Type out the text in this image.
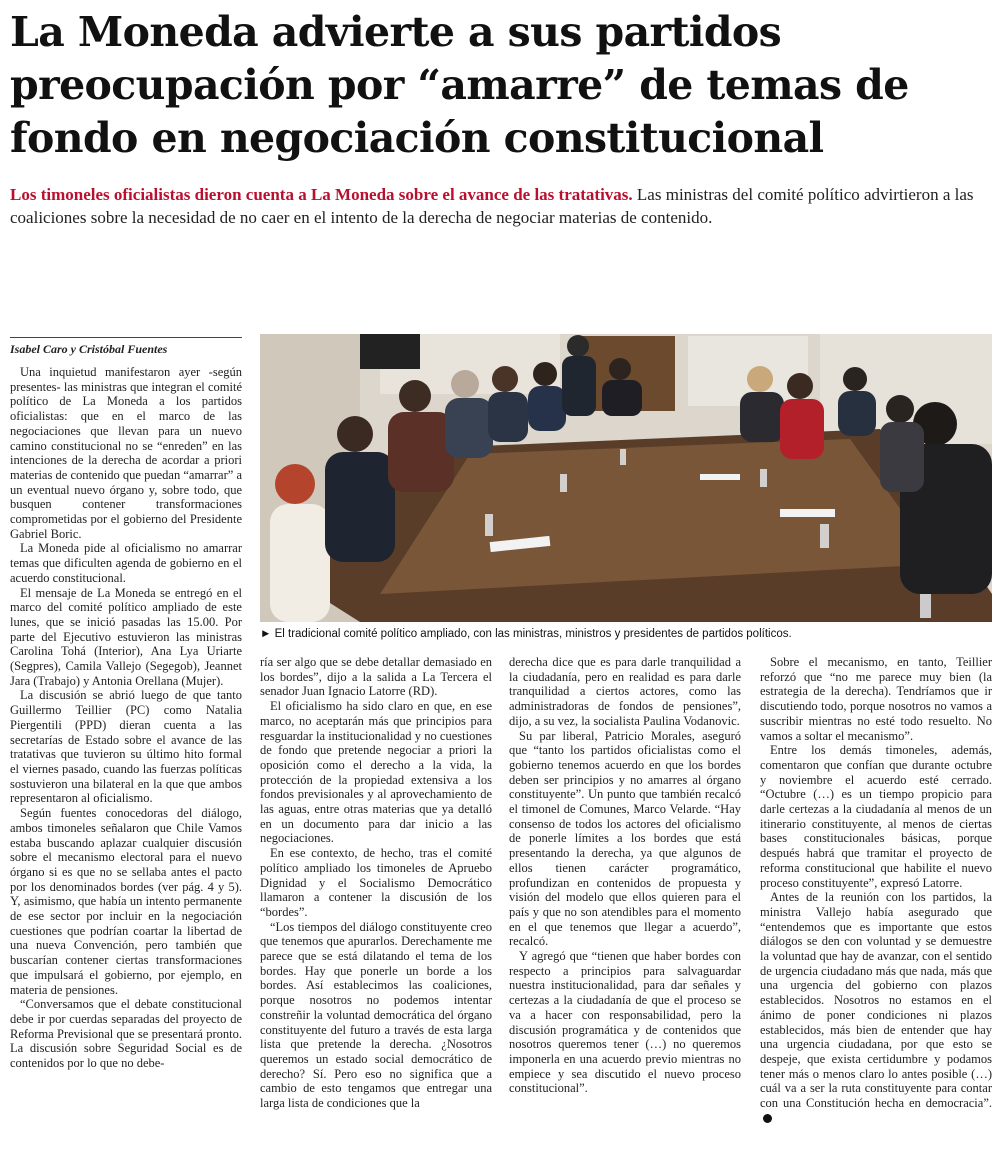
La Moneda advierte a sus partidos preocupación por “amarre” de temas de fondo en negociación constitucional

Los timoneles oficialistas dieron cuenta a La Moneda sobre el avance de las tratativas. Las ministras del comité político advirtieron a las coaliciones sobre la necesidad de no caer en el intento de la derecha de negociar materias de contenido.

Isabel Caro y Cristóbal Fuentes
► El tradicional comité político ampliado, con las ministras, ministros y presidentes de partidos políticos.

Una inquietud manifestaron ayer -según presentes- las ministras que integran el comité político de La Moneda a los partidos oficialistas: que en el marco de las negociaciones que llevan para un nuevo camino constitucional no se “enreden” en las intenciones de la derecha de acordar a priori materias de contenido que puedan “amarrar” a un eventual nuevo órgano y, sobre todo, que busquen contener transformaciones comprometidas por el gobierno del Presidente Gabriel Boric.

La Moneda pide al oficialismo no amarrar temas que dificulten agenda de gobierno en el acuerdo constitucional.

El mensaje de La Moneda se entregó en el marco del comité político ampliado de este lunes, que se inició pasadas las 15.00. Por parte del Ejecutivo estuvieron las ministras Carolina Tohá (Interior), Ana Lya Uriarte (Segpres), Camila Vallejo (Segegob), Jeannet Jara (Trabajo) y Antonia Orellana (Mujer).

La discusión se abrió luego de que tanto Guillermo Teillier (PC) como Natalia Piergentili (PPD) dieran cuenta a las secretarías de Estado sobre el avance de las tratativas que tuvieron su último hito formal el viernes pasado, cuando las fuerzas políticas sostuvieron una bilateral en la que que ambos representaron al oficialismo.

Según fuentes conocedoras del diálogo, ambos timoneles señalaron que Chile Vamos estaba buscando aplazar cualquier discusión sobre el mecanismo electoral para el nuevo órgano si es que no se sellaba antes el pacto por los denominados bordes (ver pág. 4 y 5). Y, asimismo, que había un intento permanente de ese sector por incluir en la negociación cuestiones que podrían coartar la libertad de una nueva Convención, pero también que buscarían contener ciertas transformaciones que impulsará el gobierno, por ejemplo, en materia de pensiones.

“Conversamos que el debate constitucional debe ir por cuerdas separadas del proyecto de Reforma Previsional que se presentará pronto. La discusión sobre Seguridad Social es de contenidos por lo que no debe-

ría ser algo que se debe detallar demasiado en los bordes”, dijo a la salida a La Tercera el senador Juan Ignacio Latorre (RD).

El oficialismo ha sido claro en que, en ese marco, no aceptarán más que principios para resguardar la institucionalidad y no cuestiones de fondo que pretende negociar a priori la oposición como el derecho a la vida, la protección de la propiedad extensiva a los fondos previsionales y al aprovechamiento de las aguas, entre otras materias que ya detalló en un documento para dar inicio a las negociaciones.

En ese contexto, de hecho, tras el comité político ampliado los timoneles de Apruebo Dignidad y el Socialismo Democrático llamaron a contener la discusión de los “bordes”.

“Los tiempos del diálogo constituyente creo que tenemos que apurarlos. Derechamente me parece que se está dilatando el tema de los bordes. Hay que ponerle un borde a los bordes. Así establecimos las coaliciones, porque nosotros no podemos intentar constreñir la voluntad democrática del órgano constituyente del futuro a través de esta larga lista que pretende la derecha. ¿Nosotros queremos un estado social democrático de derecho? Sí. Pero eso no significa que a cambio de esto tengamos que entregar una larga lista de condiciones que la

derecha dice que es para darle tranquilidad a la ciudadanía, pero en realidad es para darle tranquilidad a ciertos actores, como las administradoras de fondos de pensiones”, dijo, a su vez, la socialista Paulina Vodanovic.

Su par liberal, Patricio Morales, aseguró que “tanto los partidos oficialistas como el gobierno tenemos acuerdo en que los bordes deben ser principios y no amarres al órgano constituyente”. Un punto que también recalcó el timonel de Comunes, Marco Velarde. “Hay consenso de todos los actores del oficialismo de ponerle límites a los bordes que está presentando la derecha, ya que algunos de ellos tienen carácter programático, profundizan en contenidos de propuesta y visión del modelo que ellos quieren para el país y que no son atendibles para el momento en el que tenemos que llegar a acuerdo”, recalcó.

Y agregó que “tienen que haber bordes con respecto a principios para salvaguardar nuestra institucionalidad, para dar señales y certezas a la ciudadanía de que el proceso se va a hacer con responsabilidad, pero la discusión programática y de contenidos que nosotros queremos tener (…) no queremos imponerla en una acuerdo previo mientras no empiece y sea discutido el nuevo proceso constitucional”.

Sobre el mecanismo, en tanto, Teillier reforzó que “no me parece muy bien (la estrategia de la derecha). Tendríamos que ir discutiendo todo, porque nosotros no vamos a suscribir mientras no esté todo resuelto. No vamos a soltar el mecanismo”.

Entre los demás timoneles, además, comentaron que confían que durante octubre y noviembre el acuerdo esté cerrado. “Octubre (…) es un tiempo propicio para darle certezas a la ciudadanía al menos de un itinerario constituyente, al menos de ciertas bases constitucionales básicas, porque después habrá que tramitar el proyecto de reforma constitucional que habilite el nuevo proceso constituyente”, expresó Latorre.

Antes de la reunión con los partidos, la ministra Vallejo había asegurado que “entendemos que es importante que estos diálogos se den con voluntad y se demuestre la voluntad que hay de avanzar, con el sentido de urgencia ciudadano más que nada, más que una urgencia del gobierno con plazos establecidos. Nosotros no estamos en el ánimo de poner condiciones ni plazos establecidos, más bien de entender que hay una urgencia ciudadana, por que esto se despeje, que exista certidumbre y podamos tener más o menos claro lo antes posible (…) cuál va a ser la ruta constituyente para contar con una Constitución hecha en democracia”.
